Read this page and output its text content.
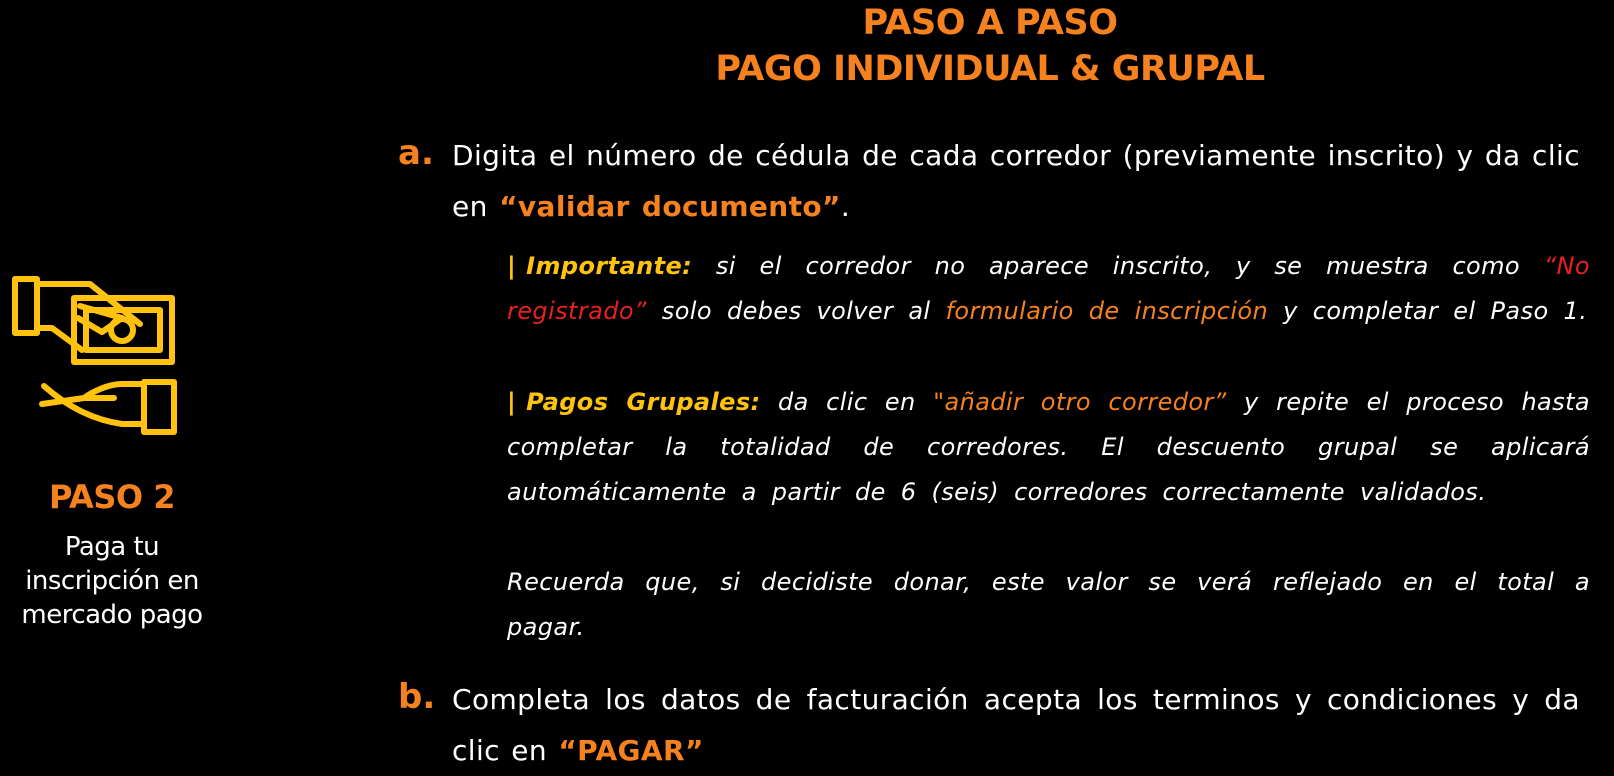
PASO A PASO
PAGO INDIVIDUAL & GRUPAL
PASO 2
Paga tu inscripción en mercado pago
a. Digita el número de cédula de cada corredor (previamente inscrito) y da clic en “validar documento”.
| Importante: si el corredor no aparece inscrito, y se muestra como “No registrado” solo debes volver al formulario de inscripción y completar el Paso 1.
| Pagos Grupales: da clic en "añadir otro corredor” y repite el proceso hasta completar la totalidad de corredores. El descuento grupal se aplicará automáticamente a partir de 6 (seis) corredores correctamente validados.
Recuerda que, si decidiste donar, este valor se verá reflejado en el total a pagar.
b. Completa los datos de facturación acepta los terminos y condiciones y da clic en “PAGAR”
